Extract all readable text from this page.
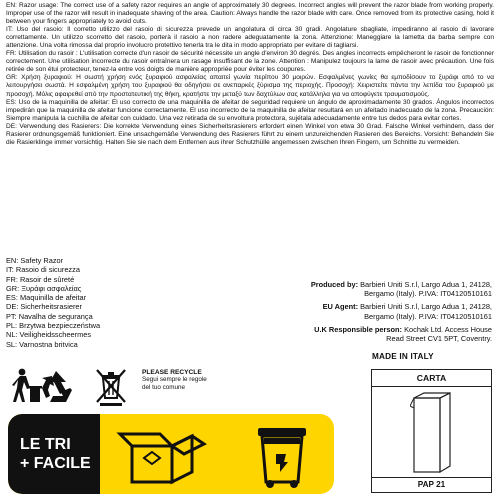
EN: Razor usage: The correct use of a safety razor requires an angle of approximately 30 degrees. Incorrect angles will prevent the razor blade from working properly. Improper use of the razor will result in inadequate shaving of the area. Caution: Always handle the razor blade with care. Once removed from its protective casing, hold it between your fingers appropriately to avoid cuts.

IT: Uso del rasoio: Il corretto utilizzo del rasoio di sicurezza prevede un angolatura di circa 30 gradi. Angolature sbagliate, impediranno al rasoio di lavorare correttamente. Un utilizzo scorretto del rasoio, porterà il rasoio a non radere adeguatamente la zona. Attenzione: Maneggiare la lametta da barba sempre con attenzione. Una volta rimossa dal proprio involucro protettivo tenerla tra le dita in modo appropriato per evitare di tagliarsi.

FR: Utilisation du rasoir : L'utilisation correcte d'un rasoir de sécurité nécessite un angle d'environ 30 degrés. Des angles incorrects empêcheront le rasoir de fonctionner correctement. Une utilisation incorrecte du rasoir entraînera un rasage insuffisant de la zone. Attention : Manipulez toujours la lame de rasoir avec précaution. Une fois retirée de son étui protecteur, tenez-la entre vos doigts de manière appropriée pour éviter les coupures.

GR: Χρήση ξυραφιού: Η σωστή χρήση ενός ξυραφιού ασφαλείας απαιτεί γωνία περίπου 30 μοιρών. Εσφαλμένες γωνίες θα εμποδίσουν το ξυράφι από το να λειτουργήσει σωστά. Η εσφαλμένη χρήση του ξυραφιού θα οδηγήσει σε ανεπαρκές ξύρισμα της περιοχής. Προσοχή: Χειριστείτε πάντα την λεπίδα του ξυραφιού με προσοχή. Μόλις αφαιρεθεί από την προστατευτική της θήκη, κρατήστε την μεταξύ των δαχτύλων σας κατάλληλα για να αποφύγετε τραυματισμούς.

ES: Uso de la maquinilla de afeitar: El uso correcto de una maquinilla de afeitar de seguridad requiere un ángulo de aproximadamente 30 grados. Ángulos incorrectos impedirán que la maquinilla de afeitar funcione correctamente. El uso incorrecto de la maquinilla de afeitar resultará en un afeitado inadecuado de la zona. Precaución: Siempre manipula la cuchilla de afeitar con cuidado. Una vez retirada de su envoltura protectora, sujétala adecuadamente entre tus dedos para evitar cortes.

DE: Verwendung des Rasierers: Die korrekte Verwendung eines Sicherheitsrasierers erfordert einen Winkel von etwa 30 Grad. Falsche Winkel verhindern, dass der Rasierer ordnungsgemäß funktioniert. Eine unsachgemäße Verwendung des Rasierers führt zu einem unzureichenden Rasieren des Bereichs. Vorsicht: Behandeln Sie die Rasierklinge immer vorsichtig. Halten Sie sie nach dem Entfernen aus ihrer Schutzhülle angemessen zwischen Ihren Fingern, um Schnitte zu vermeiden.

EN: Safety Razor
IT: Rasoio di sicurezza
FR: Rasoir de sûreté
GR: Ξυράφι ασφαλείας
ES: Maquinilla de afeitar
DE: Sicherheitsrasierer
PT: Navalha de segurança
PL: Brzytwa bezpieczeństwa
NL: Veiligheidsscheermes
SL: Varnostna britvica
Produced by: Barbieri Uniti S.r.l, Largo Adua 1, 24128,
Bergamo (Italy). P.IVA: IT04120510161
EU Agent: Barbieri Uniti S.r.l, Largo Adua 1, 24128,
Bergamo (Italy). P.IVA: IT04120510161
U.K Responsible person: Kochak Ltd. Access House
Read Street CV1 5PT, Coventry.
MADE IN ITALY
CARTA
PAP 21
PLEASE RECYCLE
Segui sempre le regole
del tuo comune
LE TRI
+ FACILE
